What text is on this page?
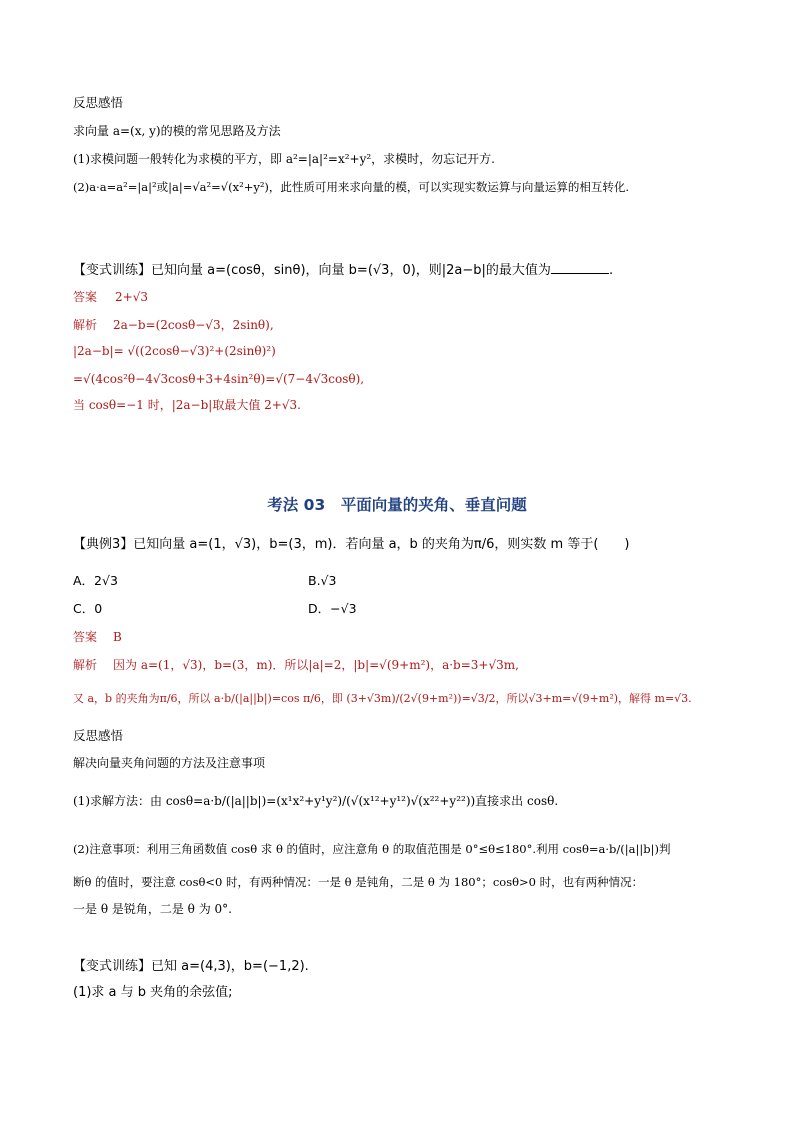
反思感悟
求向量 a=(x, y)的模的常见思路及方法
(1)求模问题一般转化为求模的平方，即 a²=|a|²=x²+y²，求模时，勿忘记开方.
(2)a·a=a²=|a|²或|a|=√a²=√(x²+y²)，此性质可用来求向量的模，可以实现实数运算与向量运算的相互转化.
【变式训练】已知向量 a=(cosθ，sinθ)，向量 b=(√3，0)，则|2a−b|的最大值为	.
答案 2+√3
解析 2a−b=(2cosθ−√3，2sinθ),
|2a−b|= √((2cosθ−√3)²+(2sinθ)²)
=√(4cos²θ−4√3cosθ+3+4sin²θ)=√(7−4√3cosθ),
当 cosθ=−1 时，|2a−b|取最大值 2+√3.
考法 03　平面向量的夹角、垂直问题
【典例3】已知向量 a=(1，√3)，b=(3，m)．若向量 a，b 的夹角为π/6，则实数 m 等于(　　)
A．2√3	B.√3
C．0	D．−√3
答案 B
解析 因为 a=(1，√3)，b=(3，m)．所以|a|=2，|b|=√(9+m²)，a·b=3+√3m,
又 a，b 的夹角为π/6，所以 a·b/(|a||b|)=cos π/6，即 (3+√3m)/(2√(9+m²))=√3/2，所以√3+m=√(9+m²)，解得 m=√3.
反思感悟
解决向量夹角问题的方法及注意事项
(1)求解方法：由 cosθ=a·b/(|a||b|)=(x¹x²+y¹y²)/(√(x¹²+y¹²)√(x²²+y²²))直接求出 cosθ.
(2)注意事项：利用三角函数值 cosθ 求 θ 的值时，应注意角 θ 的取值范围是 0°≤θ≤180°.利用 cosθ=a·b/(|a||b|)判
断θ 的值时，要注意 cosθ<0 时，有两种情况：一是 θ 是钝角，二是 θ 为 180°；cosθ>0 时，也有两种情况：
一是 θ 是锐角，二是 θ 为 0°.
【变式训练】已知 a=(4,3)，b=(−1,2).
(1)求 a 与 b 夹角的余弦值;
